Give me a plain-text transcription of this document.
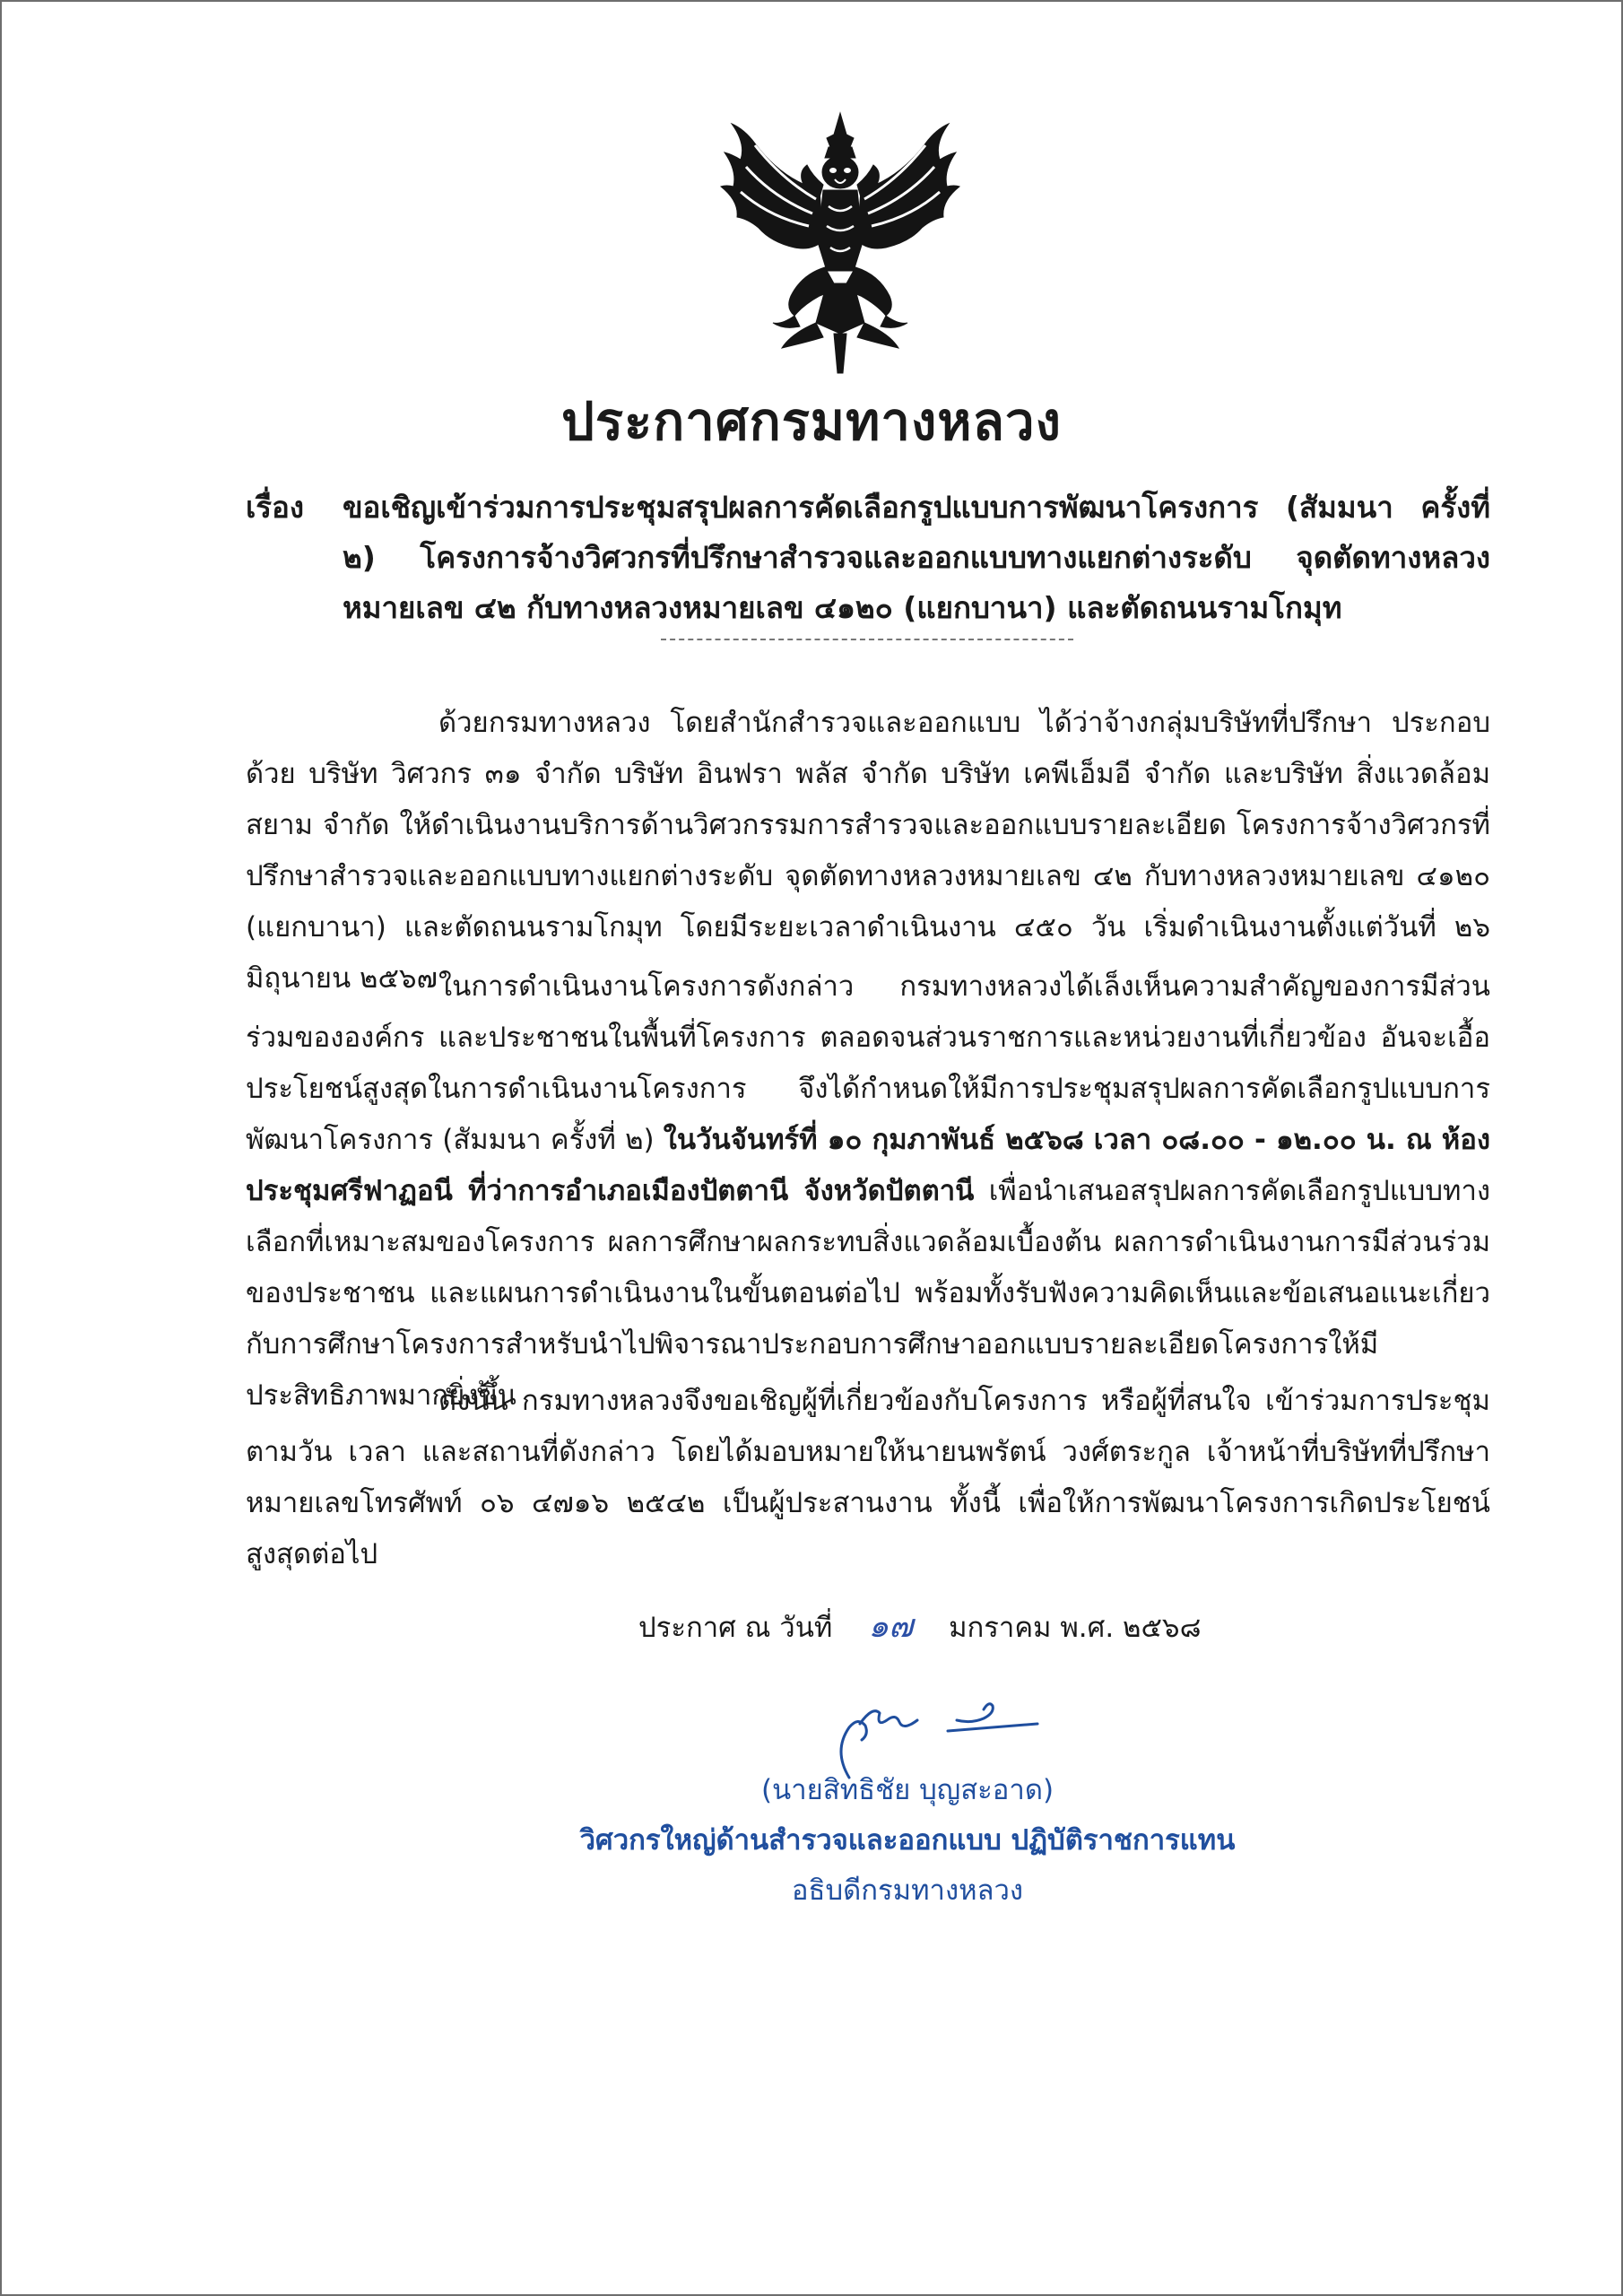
ประกาศกรมทางหลวง
เรื่อง ขอเชิญเข้าร่วมการประชุมสรุปผลการคัดเลือกรูปแบบการพัฒนาโครงการ (สัมมนา ครั้งที่ ๒) โครงการจ้างวิศวกรที่ปรึกษาสำรวจและออกแบบทางแยกต่างระดับ จุดตัดทางหลวงหมายเลข ๔๒ กับทางหลวงหมายเลข ๔๑๒๐ (แยกบานา) และตัดถนนรามโกมุท

ด้วยกรมทางหลวง โดยสำนักสำรวจและออกแบบ ได้ว่าจ้างกลุ่มบริษัทที่ปรึกษา ประกอบด้วย บริษัท วิศวกร ๓๑ จำกัด บริษัท อินฟรา พลัส จำกัด บริษัท เคพีเอ็มอี จำกัด และบริษัท สิ่งแวดล้อมสยาม จำกัด ให้ดำเนินงานบริการด้านวิศวกรรมการสำรวจและออกแบบรายละเอียด โครงการจ้างวิศวกรที่ปรึกษาสำรวจและออกแบบทางแยกต่างระดับ จุดตัดทางหลวงหมายเลข ๔๒ กับทางหลวงหมายเลข ๔๑๒๐ (แยกบานา) และตัดถนนรามโกมุท โดยมีระยะเวลาดำเนินงาน ๔๕๐ วัน เริ่มดำเนินงานตั้งแต่วันที่ ๒๖ มิถุนายน ๒๕๖๗ ในการดำเนินงานโครงการดังกล่าว กรมทางหลวงได้เล็งเห็นความสำคัญของการมีส่วนร่วมขององค์กร และประชาชนในพื้นที่โครงการ ตลอดจนส่วนราชการและหน่วยงานที่เกี่ยวข้อง อันจะเอื้อประโยชน์สูงสุดในการดำเนินงานโครงการ จึงได้กำหนดให้มีการประชุมสรุปผลการคัดเลือกรูปแบบการพัฒนาโครงการ (สัมมนา ครั้งที่ ๒) ในวันจันทร์ที่ ๑๐ กุมภาพันธ์ ๒๕๖๘ เวลา ๐๘.๐๐ - ๑๒.๐๐ น. ณ ห้องประชุมศรีฟาฏอนี ที่ว่าการอำเภอเมืองปัตตานี จังหวัดปัตตานี เพื่อนำเสนอสรุปผลการคัดเลือกรูปแบบทางเลือกที่เหมาะสมของโครงการ ผลการศึกษาผลกระทบสิ่งแวดล้อมเบื้องต้น ผลการดำเนินงานการมีส่วนร่วมของประชาชน และแผนการดำเนินงานในขั้นตอนต่อไป พร้อมทั้งรับฟังความคิดเห็นและข้อเสนอแนะเกี่ยวกับการศึกษาโครงการสำหรับนำไปพิจารณาประกอบการศึกษาออกแบบรายละเอียดโครงการให้มีประสิทธิภาพมากยิ่งขึ้น

ดังนั้น กรมทางหลวงจึงขอเชิญผู้ที่เกี่ยวข้องกับโครงการ หรือผู้ที่สนใจ เข้าร่วมการประชุมตามวัน เวลา และสถานที่ดังกล่าว โดยได้มอบหมายให้นายนพรัตน์ วงศ์ตระกูล เจ้าหน้าที่บริษัทที่ปรึกษา หมายเลขโทรศัพท์ ๐๖ ๔๗๑๖ ๒๕๔๒ เป็นผู้ประสานงาน ทั้งนี้ เพื่อให้การพัฒนาโครงการเกิดประโยชน์สูงสุดต่อไป

ประกาศ ณ วันที่ ๑๗ มกราคม พ.ศ. ๒๕๖๘
(นายสิทธิชัย บุญสะอาด)
วิศวกรใหญ่ด้านสำรวจและออกแบบ ปฏิบัติราชการแทน
อธิบดีกรมทางหลวง
